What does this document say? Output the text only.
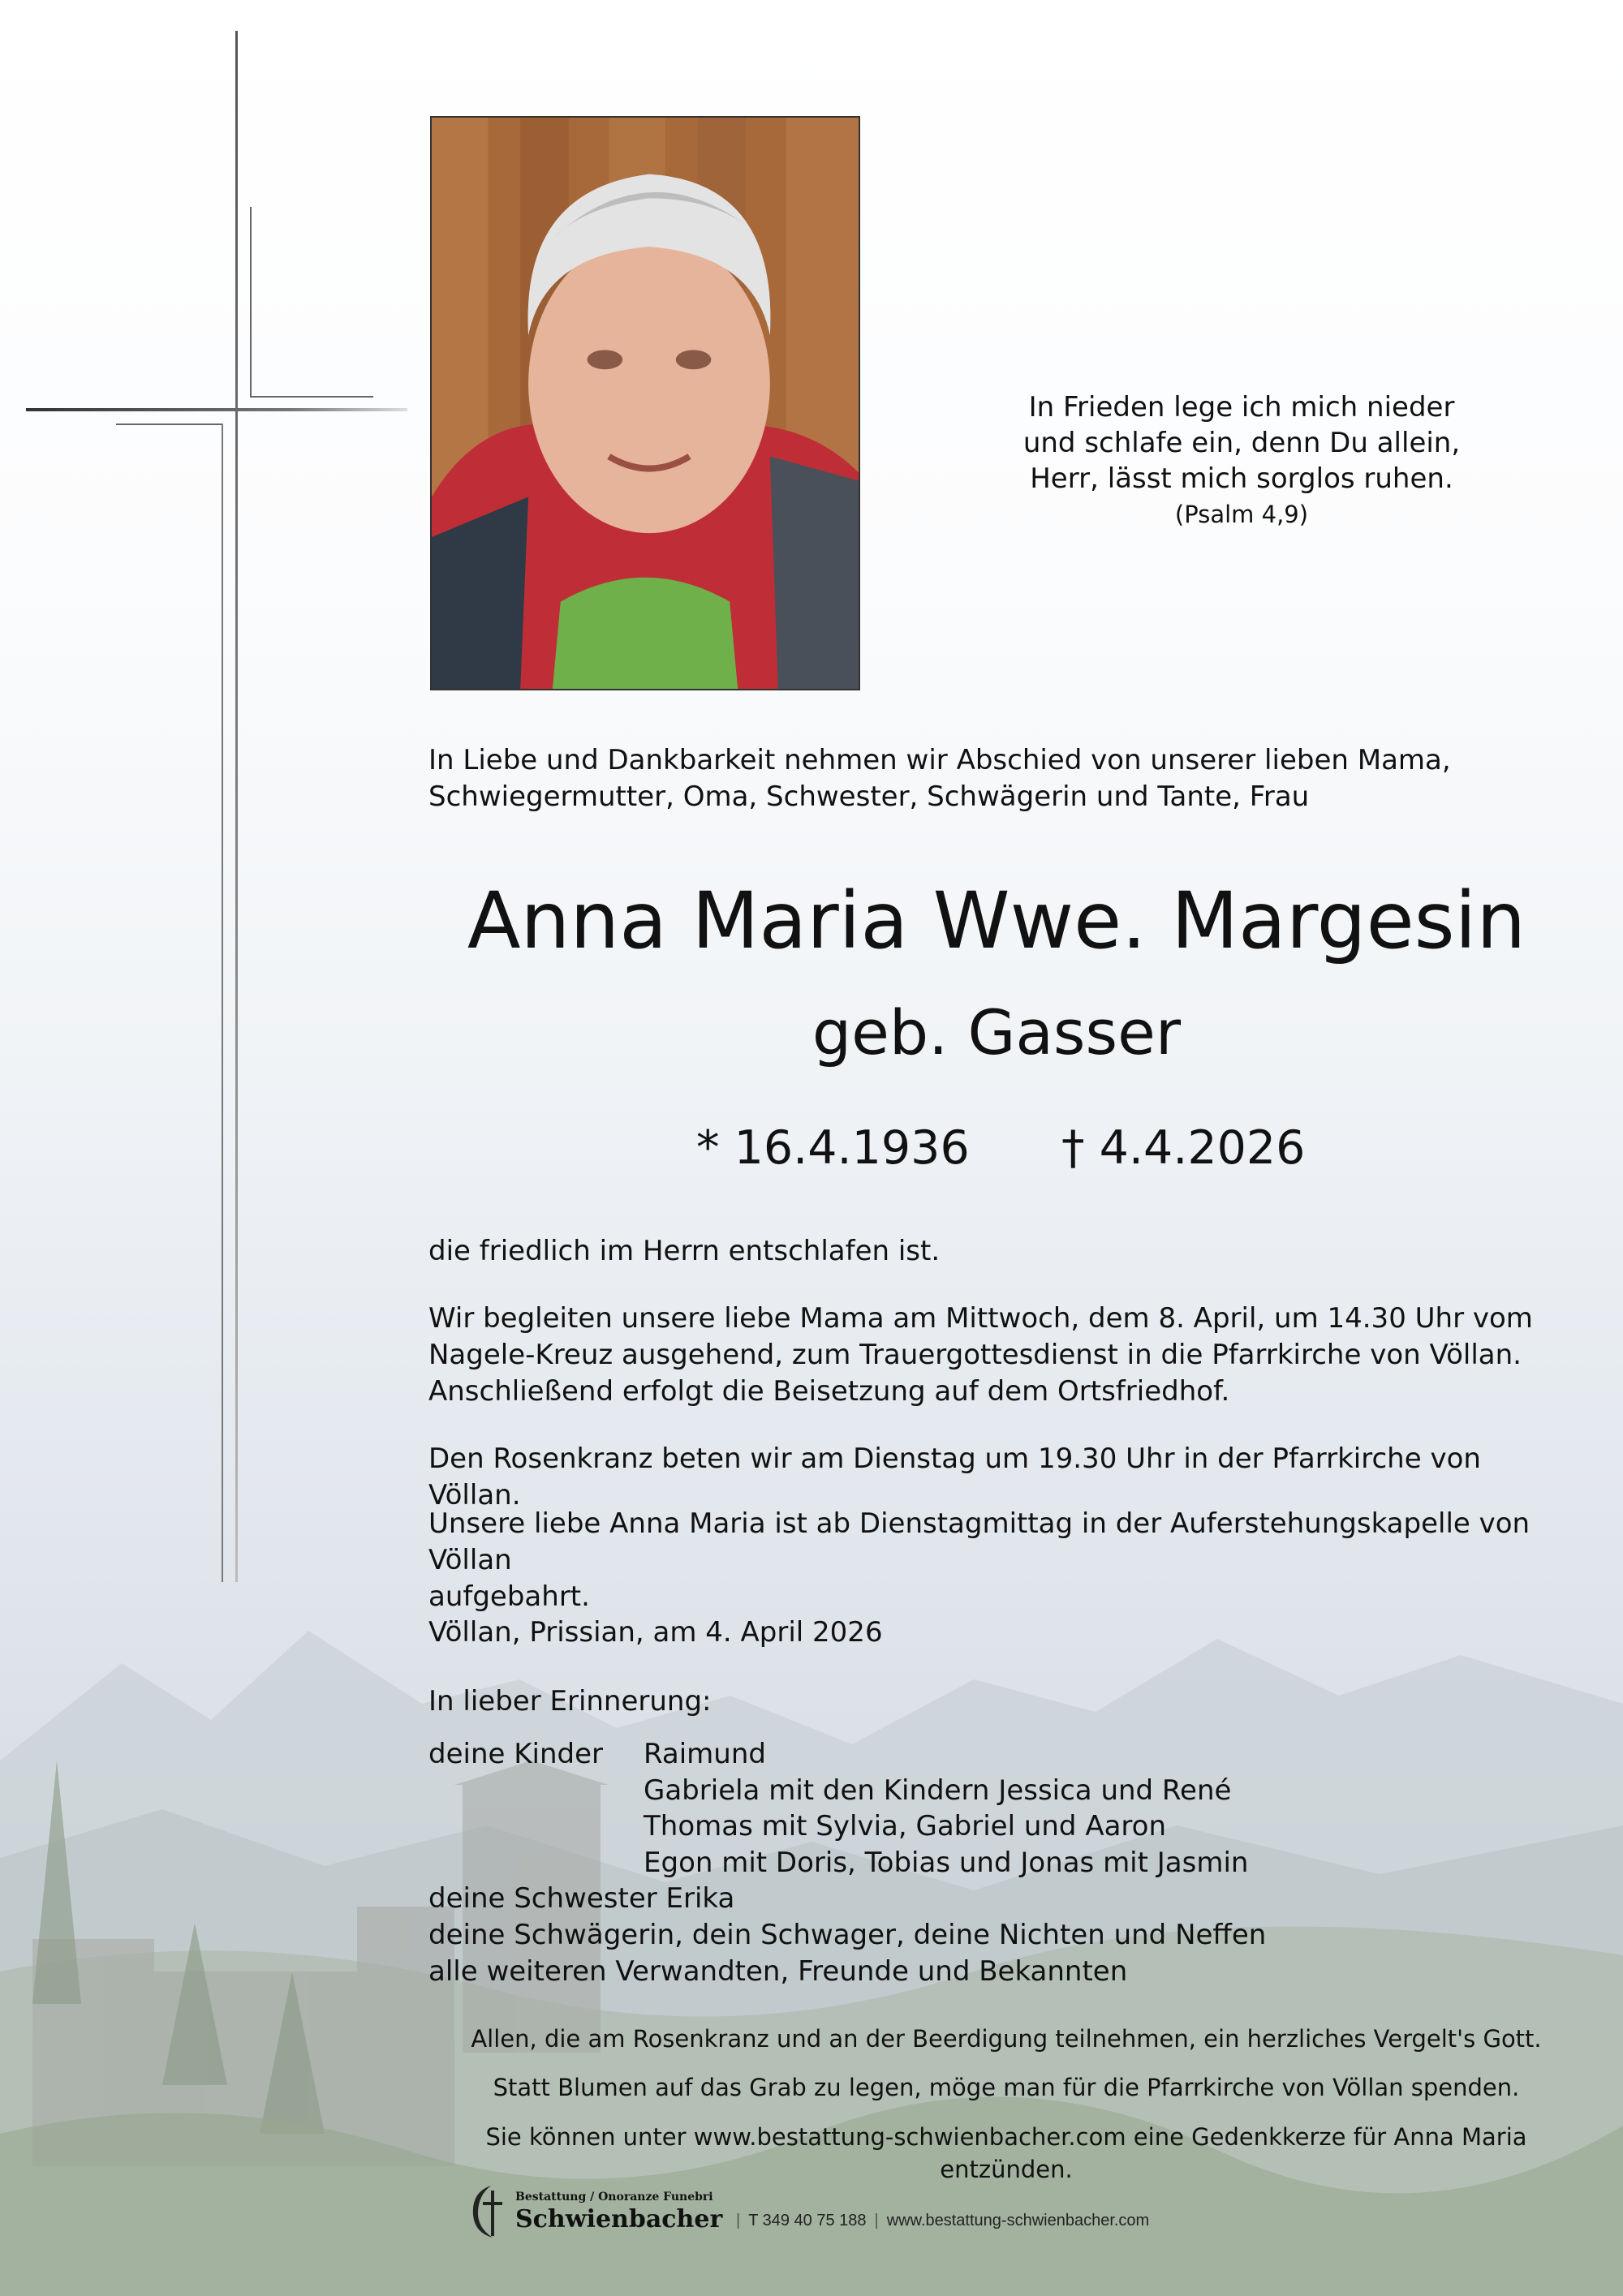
In Frieden lege ich mich nieder
und schlafe ein, denn Du allein,
Herr, lässt mich sorglos ruhen.
(Psalm 4,9)
In Liebe und Dankbarkeit nehmen wir Abschied von unserer lieben Mama,
Schwiegermutter, Oma, Schwester, Schwägerin und Tante, Frau
Anna Maria Wwe. Margesin
geb. Gasser
* 16.4.1936 † 4.4.2026
die friedlich im Herrn entschlafen ist.
Wir begleiten unsere liebe Mama am Mittwoch, dem 8. April, um 14.30 Uhr vom
Nagele-Kreuz ausgehend, zum Trauergottesdienst in die Pfarrkirche von Völlan.
Anschließend erfolgt die Beisetzung auf dem Ortsfriedhof.
Den Rosenkranz beten wir am Dienstag um 19.30 Uhr in der Pfarrkirche von Völlan.
Unsere liebe Anna Maria ist ab Dienstagmittag in der Auferstehungskapelle von Völlan
aufgebahrt.
Völlan, Prissian, am 4. April 2026
In lieber Erinnerung:
deine Kinder Raimund
Gabriela mit den Kindern Jessica und René
Thomas mit Sylvia, Gabriel und Aaron
Egon mit Doris, Tobias und Jonas mit Jasmin
deine Schwester Erika
deine Schwägerin, dein Schwager, deine Nichten und Neffen
alle weiteren Verwandten, Freunde und Bekannten
Allen, die am Rosenkranz und an der Beerdigung teilnehmen, ein herzliches Vergelt's Gott.
Statt Blumen auf das Grab zu legen, möge man für die Pfarrkirche von Völlan spenden.
Sie können unter www.bestattung-schwienbacher.com eine Gedenkkerze für Anna Maria entzünden.
Bestattung / Onoranze Funebri
Schwienbacher | T 349 40 75 188 | www.bestattung-schwienbacher.com
